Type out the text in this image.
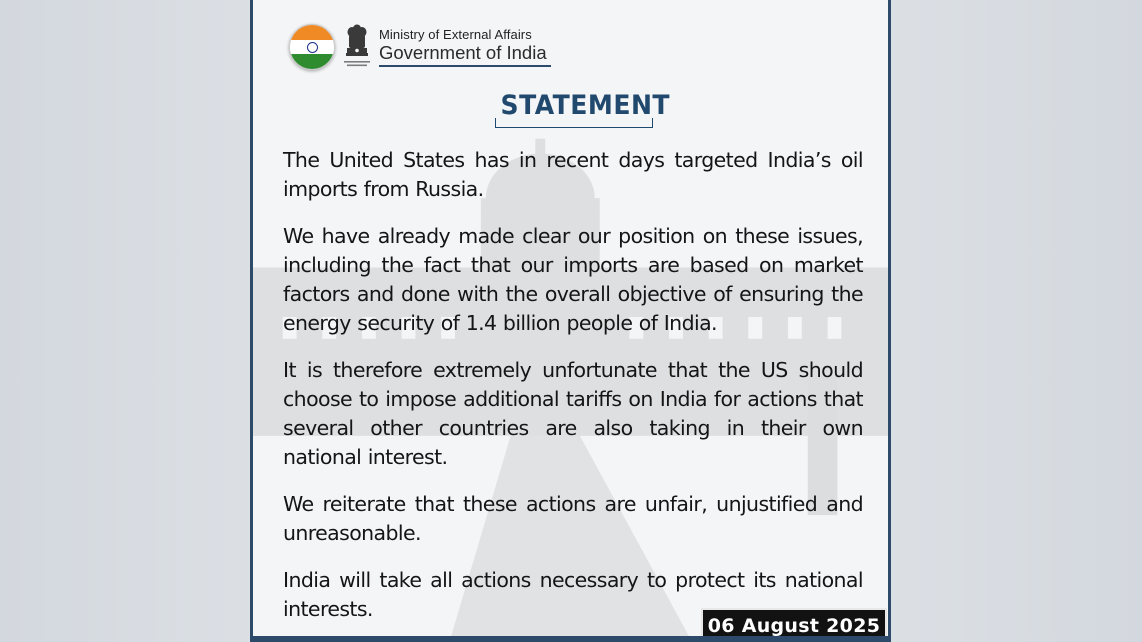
Ministry of External Affairs
Government of India
STATEMENT

The United States has in recent days targeted India’s oil imports from Russia.

We have already made clear our position on these issues, including the fact that our imports are based on market factors and done with the overall objective of ensuring the energy security of 1.4 billion people of India.

It is therefore extremely unfortunate that the US should choose to impose additional tariffs on India for actions that several other countries are also taking in their own national interest.

We reiterate that these actions are unfair, unjustified and unreasonable.

India will take all actions necessary to protect its national interests.

06 August 2025
